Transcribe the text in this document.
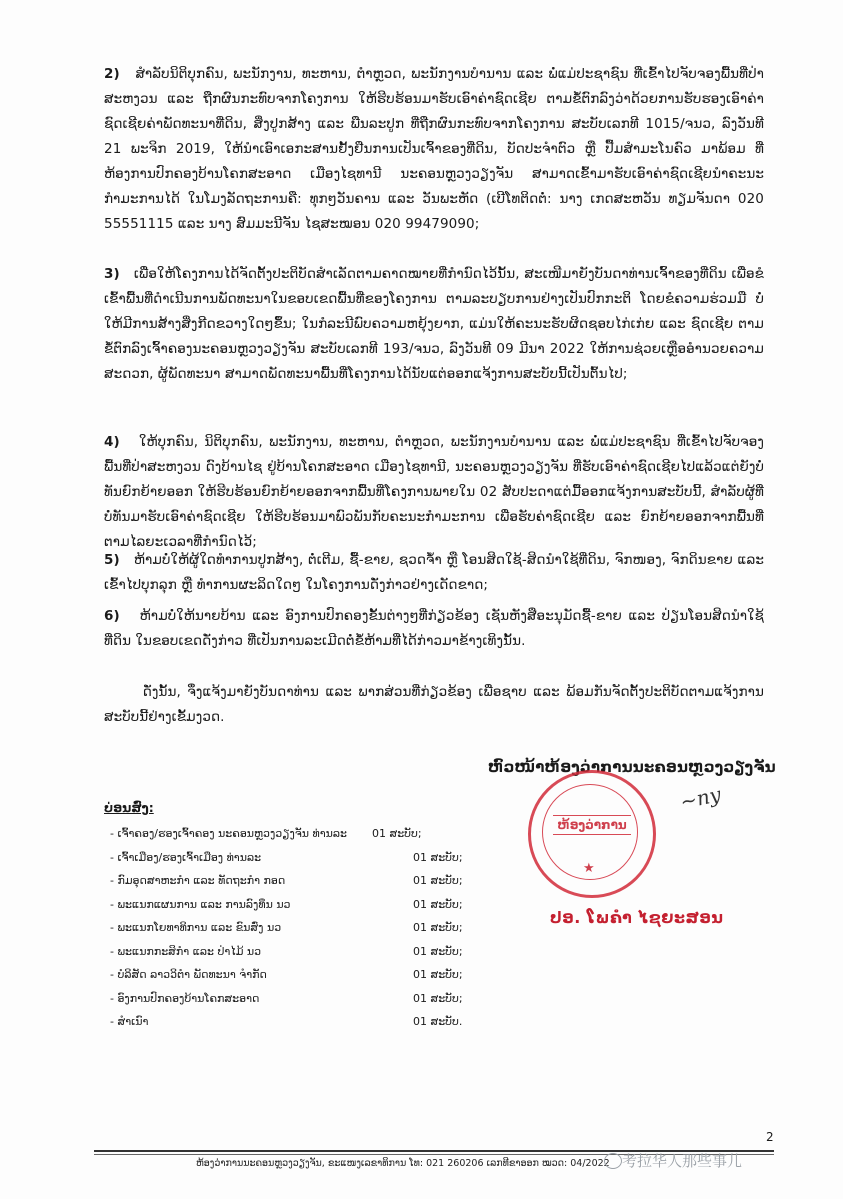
2) ສຳລັບນິຕິບຸກຄົນ, ພະນັກງານ, ທະຫານ, ຕຳຫຼວດ, ພະນັກງານບຳນານ ແລະ ພໍ່ແມ່ປະຊາຊົນ ທີ່ເຂົ້າໄປຈັບຈອງພື້ນທີ່ປ່າສະຫງວນ ແລະ ຖືກຜົນກະທົບຈາກໂຄງການ ໃຫ້ຮີບຮ້ອນມາຮັບເອົາຄ່າຊົດເຊີຍ ຕາມຂໍ້ຕົກລົງວ່າດ້ວຍການຮັບຮອງເອົາຄ່າຊົດເຊີຍຄ່າພັດທະນາທີ່ດິນ, ສິ່ງປູກສ້າງ ແລະ ພືນລະປູກ ທີ່ຖືກຜົນກະທົບຈາກໂຄງການ ສະບັບເລກທີ 1015/ຈນວ, ລົງວັນທີ 21 ພະຈິກ 2019, ໃຫ້ນຳເອົາເອກະສານຢັ້ງຢືນການເປັນເຈົ້າຂອງທີ່ດິນ, ບັດປະຈຳຕົວ ຫຼື ປື້ມສຳມະໂນຄົວ ມາພ້ອມ ທີ່ຫ້ອງການປົກຄອງບ້ານໂຄກສະອາດ ເມືອງໄຊທານີ ນະຄອນຫຼວງວຽງຈັນ ສາມາດເຂົ້າມາຮັບເອົາຄ່າຊົດເຊີຍນຳຄະນະກຳມະການໄດ້ ໃນໂມງລັດຖະການຄື: ທຸກໆວັນຄານ ແລະ ວັນພະຫັດ (ເບີໂທຕິດຕໍ່: ນາງ ເກດສະຫວັນ ທຽມຈັນດາ 020 55551115 ແລະ ນາງ ສົມມະນີຈັນ ໄຊສະໝອນ 020 99479090;
3) ເພື່ອໃຫ້ໂຄງການໄດ້ຈັດຕັ້ງປະຕິບັດສຳເລັດຕາມຄາດໝາຍທີ່ກຳນົດໄວ້ນັ້ນ, ສະເໜີມາຍັງບັນດາທ່ານເຈົ້າຂອງທີ່ດິນ ເພື່ອຂໍເຂົ້າພື້ນທີ່ດຳເນີນການພັດທະນາໃນຂອບເຂດພື້ນທີ່ຂອງໂຄງການ ຕາມລະບຽບການຢ່າງເປັນປົກກະຕິ ໂດຍຂໍຄວາມຮ່ວມມື ບໍ່ໃຫ້ມີການສ້າງສິ່ງກີດຂວາງໃດໆຂຶ້ນ; ໃນກໍລະນີພົບຄວາມຫຍຸ້ງຍາກ, ແມ່ນໃຫ້ຄະນະຮັບຜິດຊອບໄກ່ເກ່ຍ ແລະ ຊົດເຊີຍ ຕາມຂໍ້ຕົກລົງເຈົ້າຄອງນະຄອນຫຼວງວຽງຈັນ ສະບັບເລກທີ 193/ຈນວ, ລົງວັນທີ 09 ມີນາ 2022 ໃຫ້ການຊ່ວຍເຫຼືອອຳນວຍຄວາມສະດວກ, ຜູ້ພັດທະນາ ສາມາດພັດທະນາພື້ນທີ່ໂຄງການໄດ້ນັບແຕ່ອອກແຈ້ງການສະບັບນີ້ເປັນຕົ້ນໄປ;
4) ໃຫ້ບຸກຄົນ, ນິຕິບຸກຄົນ, ພະນັກງານ, ທະຫານ, ຕຳຫຼວດ, ພະນັກງານບຳນານ ແລະ ພໍ່ແມ່ປະຊາຊົນ ທີ່ເຂົ້າໄປຈັບຈອງພື້ນທີ່ປ່າສະຫງວນ ດົງບ້ານໄຊ ຢູ່ບ້ານໂຄກສະອາດ ເມືອງໄຊທານີ, ນະຄອນຫຼວງວຽງຈັນ ທີ່ຮັບເອົາຄ່າຊົດເຊີຍໄປແລ້ວແຕ່ຍັງບໍ່ທັນຍົກຍ້າຍອອກ ໃຫ້ຮີບຮ້ອນຍົກຍ້າຍອອກຈາກພື້ນທີ່ໂຄງການພາຍໃນ 02 ສັບປະດາແຕ່ມື້ອອກແຈ້ງການສະບັບນີ້, ສຳລັບຜູ້ທີ່ບໍ່ທັນມາຮັບເອົາຄ່າຊົດເຊີຍ ໃຫ້ຮີບຮ້ອນມາພົວພັນກັບຄະນະກຳມະການ ເພື່ອຮັບຄ່າຊົດເຊີຍ ແລະ ຍົກຍ້າຍອອກຈາກພື້ນທີ່ ຕາມໄລຍະເວລາທີ່ກຳນົດໄວ້;
5) ຫ້າມບໍ່ໃຫ້ຜູ້ໃດທຳການປູກສ້າງ, ຕໍ່ເຕີມ, ຊື້-ຂາຍ, ຊວດຈ້ຳ ຫຼື ໂອນສິດໃຊ້-ສິດນຳໃຊ້ທີ່ດິນ, ຈົກໜອງ, ຈົກດິນຂາຍ ແລະ ເຂົ້າໄປບຸກລຸກ ຫຼື ທຳການຜະລິດໃດໆ ໃນໂຄງການດັ່ງກ່າວຢ່າງເດັດຂາດ;
6) ຫ້າມບໍ່ໃຫ້ນາຍບ້ານ ແລະ ອົງການປົກຄອງຂັ້ນຕ່າງໆທີ່ກ່ຽວຂ້ອງ ເຊັນຫັງສືອະນຸມັດຊື້-ຂາຍ ແລະ ປ່ຽນໂອນສິດນຳໃຊ້ທີ່ດິນ ໃນຂອບເຂດດັ່ງກ່າວ ທີ່ເປັນການລະເມີດຕໍ່ຂໍ້ຫ້າມທີ່ໄດ້ກ່າວມາຂ້າງເທິງນັ້ນ.
ດັ່ງນັ້ນ, ຈຶ່ງແຈ້ງມາຍັງບັນດາທ່ານ ແລະ ພາກສ່ວນທີ່ກ່ຽວຂ້ອງ ເພື່ອຊາບ ແລະ ພ້ອມກັນຈັດຕັ້ງປະຕິບັດຕາມແຈ້ງການສະບັບນີ້ຢ່າງເຂັ້ມງວດ.
ຫົວໜ້າຫ້ອງວ່າການນະຄອນຫຼວງວຽງຈັນ
ຫ້ອງວ່າການ
★
~ny
ປອ. ໂພຄຳ ໄຊຍະສອນ
ບ່ອນສົ່ງ:
- ເຈົ້າຄອງ/ຮອງເຈົ້າຄອງ ນະຄອນຫຼວງວຽງຈັນ ທ່ານລະ 01 ສະບັບ;
- ເຈົ້າເມືອງ/ຮອງເຈົ້າເມືອງ ທ່ານລະ	01 ສະບັບ;
- ກົມອຸດສາຫະກຳ ແລະ ທັດຖະກຳ ກອດ	01 ສະບັບ;
- ພະແນກແຜນການ ແລະ ການລົງທຶນ ນວ	01 ສະບັບ;
- ພະແນກໂຍທາທິການ ແລະ ຂົນສົ່ງ ນວ	01 ສະບັບ;
- ພະແນກກະສິກຳ ແລະ ປ່າໄມ້ ນວ	01 ສະບັບ;
- ບໍລິສັດ ລາວວິຕຳ ພັດທະນາ ຈຳກັດ	01 ສະບັບ;
- ອົງການປົກຄອງບ້ານໂຄກສະອາດ	01 ສະບັບ;
- ສຳເນົາ	01 ສະບັບ.
2
ຫ້ອງວ່າການນະຄອນຫຼວງວຽງຈັນ, ຂະແໜງເລຂາທິການ ໂທ: 021 260206 ເລກທີຂາອອກ ໝວດ: 04/2022 考拉华人那些事儿
